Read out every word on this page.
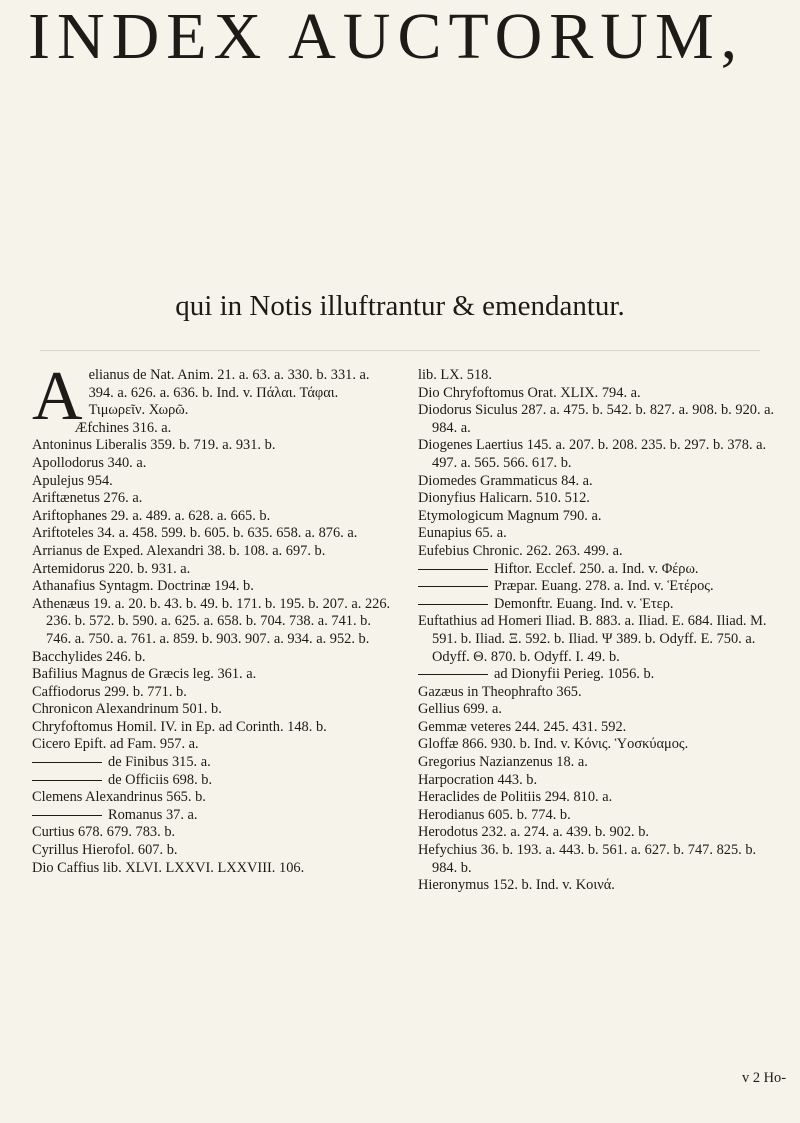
INDEX AUCTORUM,
qui in Notis illuftrantur & emendantur.

Aelianus de Nat. Anim. 21. a. 63. a. 330. b. 331. a. 394. a. 626. a. 636. b. Ind. v. Πάλαι. Τάφαι. Τιμωρεῖν. Χωρῶ.

Æfchines 316. a.

Antoninus Liberalis 359. b. 719. a. 931. b.

Apollodorus 340. a.

Apulejus 954.

Ariftænetus 276. a.

Ariftophanes 29. a. 489. a. 628. a. 665. b.

Ariftoteles 34. a. 458. 599. b. 605. b. 635. 658. a. 876. a.

Arrianus de Exped. Alexandri 38. b. 108. a. 697. b.

Artemidorus 220. b. 931. a.

Athanafius Syntagm. Doctrinæ 194. b.

Athenæus 19. a. 20. b. 43. b. 49. b. 171. b. 195. b. 207. a. 226. 236. b. 572. b. 590. a. 625. a. 658. b. 704. 738. a. 741. b. 746. a. 750. a. 761. a. 859. b. 903. 907. a. 934. a. 952. b.

Bacchylides 246. b.

Bafilius Magnus de Græcis leg. 361. a.

Caffiodorus 299. b. 771. b.

Chronicon Alexandrinum 501. b.

Chryfoftomus Homil. IV. in Ep. ad Corinth. 148. b.

Cicero Epift. ad Fam. 957. a.

de Finibus 315. a.

de Officiis 698. b.

Clemens Alexandrinus 565. b.

Romanus 37. a.

Curtius 678. 679. 783. b.

Cyrillus Hierofol. 607. b.

Dio Caffius lib. XLVI. LXXVI. LXXVIII. 106.

lib. LX. 518.

Dio Chryfoftomus Orat. XLIX. 794. a.

Diodorus Siculus 287. a. 475. b. 542. b. 827. a. 908. b. 920. a. 984. a.

Diogenes Laertius 145. a. 207. b. 208. 235. b. 297. b. 378. a. 497. a. 565. 566. 617. b.

Diomedes Grammaticus 84. a.

Dionyfius Halicarn. 510. 512.

Etymologicum Magnum 790. a.

Eunapius 65. a.

Eufebius Chronic. 262. 263. 499. a.

Hiftor. Ecclef. 250. a. Ind. v. Φέρω.

Præpar. Euang. 278. a. Ind. v. Ἑτέρος.

Demonftr. Euang. Ind. v. Ἑτερ.

Euftathius ad Homeri Iliad. B. 883. a. Iliad. E. 684. Iliad. M. 591. b. Iliad. Ξ. 592. b. Iliad. Ψ 389. b. Odyff. E. 750. a. Odyff. Θ. 870. b. Odyff. I. 49. b.

ad Dionyfii Perieg. 1056. b.

Gazæus in Theophrafto 365.

Gellius 699. a.

Gemmæ veteres 244. 245. 431. 592.

Gloffæ 866. 930. b. Ind. v. Κόνις. Ὑοσκύαμος.

Gregorius Nazianzenus 18. a.

Harpocration 443. b.

Heraclides de Politiis 294. 810. a.

Herodianus 605. b. 774. b.

Herodotus 232. a. 274. a. 439. b. 902. b.

Hefychius 36. b. 193. a. 443. b. 561. a. 627. b. 747. 825. b. 984. b.

Hieronymus 152. b. Ind. v. Κοινά.

v 2 Ho-
